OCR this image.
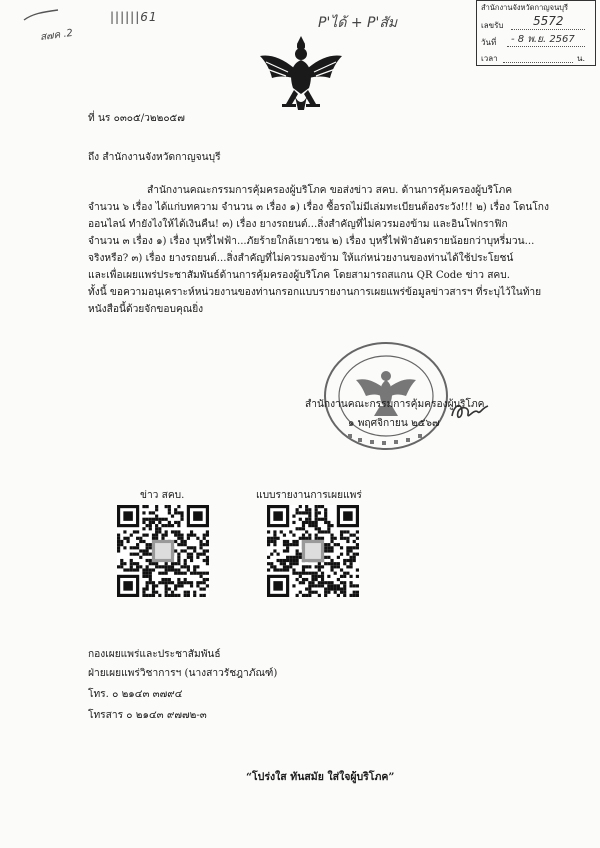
ส๗ค .2
||||||61	P'ได้ + P'สัม
สำนักงานจังหวัดกาญจนบุรี
เลขรับ 5572
วันที่ - 8 พ.ย. 2567
เวลา	น.
ที่ นร ๐๓๐๕/ว๒๒๐๕๗
ถึง สำนักงานจังหวัดกาญจนบุรี
สำนักงานคณะกรรมการคุ้มครองผู้บริโภค ขอส่งข่าว สคบ. ด้านการคุ้มครองผู้บริโภค
จำนวน ๖ เรื่อง ได้แก่บทความ จำนวน ๓ เรื่อง ๑) เรื่อง ซื้อรถไม่มีเล่มทะเบียนต้องระวัง!!! ๒) เรื่อง โดนโกง
ออนไลน์ ทำยังไงให้ได้เงินคืน! ๓) เรื่อง ยางรถยนต์...สิ่งสำคัญที่ไม่ควรมองข้าม และอินโฟกราฟิก
จำนวน ๓ เรื่อง ๑) เรื่อง บุหรี่ไฟฟ้า...ภัยร้ายใกล้เยาวชน ๒) เรื่อง บุหรี่ไฟฟ้าอันตรายน้อยกว่าบุหรี่มวน...
จริงหรือ? ๓) เรื่อง ยางรถยนต์...สิ่งสำคัญที่ไม่ควรมองข้าม ให้แก่หน่วยงานของท่านได้ใช้ประโยชน์
และเพื่อเผยแพร่ประชาสัมพันธ์ด้านการคุ้มครองผู้บริโภค โดยสามารถสแกน QR Code ข่าว สคบ.
ทั้งนี้ ขอความอนุเคราะห์หน่วยงานของท่านกรอกแบบรายงานการเผยแพร่ข้อมูลข่าวสารฯ ที่ระบุไว้ในท้าย
หนังสือนี้ด้วยจักขอบคุณยิ่ง
สำนักงานคณะกรรมการคุ้มครองผู้บริโภค
๑ พฤศจิกายน ๒๕๖๗
ข่าว สคบ.	แบบรายงานการเผยแพร่
กองเผยแพร่และประชาสัมพันธ์
ฝ่ายเผยแพร่วิชาการฯ (นางสาวรัชฎาภัณฑ์)
โทร. ๐ ๒๑๔๓ ๓๗๙๔
โทรสาร ๐ ๒๑๔๓ ๙๗๗๒-๓
“โปร่งใส ทันสมัย ใส่ใจผู้บริโภค”
